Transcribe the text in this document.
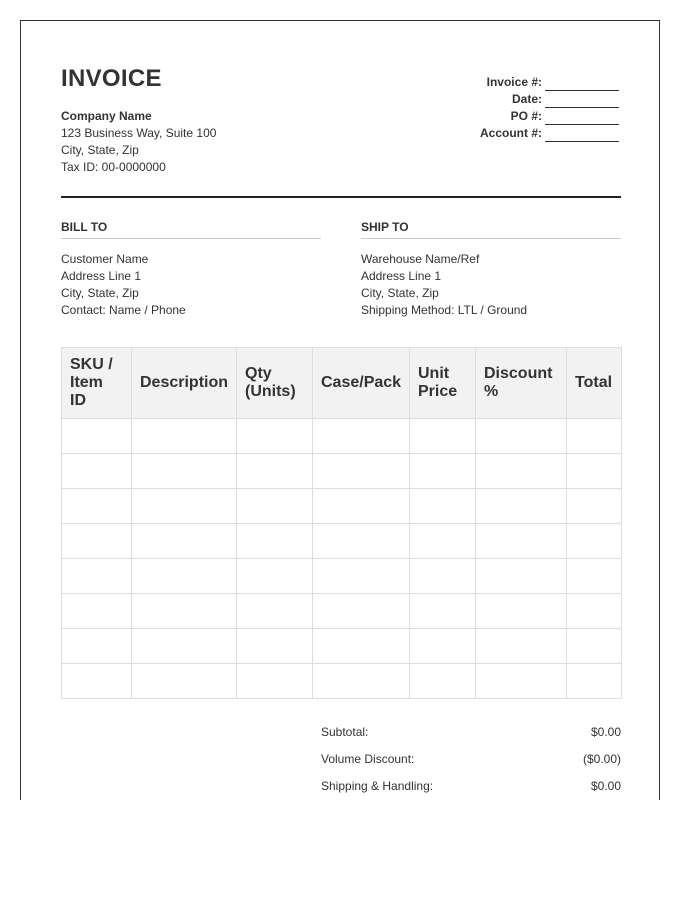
INVOICE
Company Name
123 Business Way, Suite 100
City, State, Zip
Tax ID: 00-0000000
Invoice #:
Date:
PO #:
Account #:
BILL TO
Customer Name
Address Line 1
City, State, Zip
Contact: Name / Phone
SHIP TO
Warehouse Name/Ref
Address Line 1
City, State, Zip
Shipping Method: LTL / Ground
SKU / Item ID	Description	Qty (Units)	Case/Pack	Unit Price	Discount %	Total

Subtotal:	$0.00
Volume Discount:	($0.00)
Shipping & Handling:	$0.00
